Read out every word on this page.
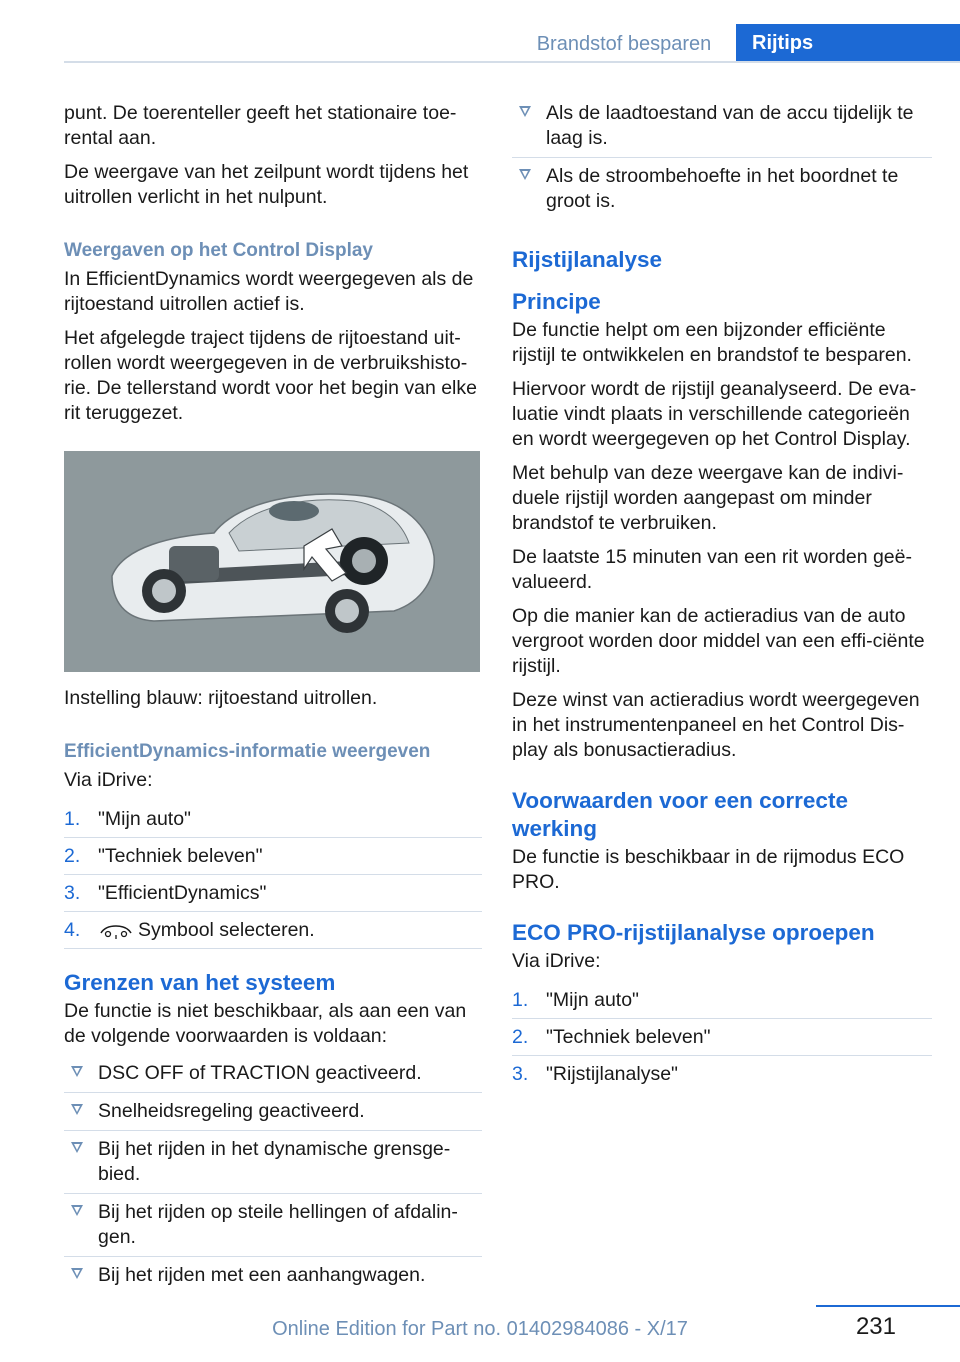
Brandstof besparen	Rijtips

punt. De toerenteller geeft het stationaire toe-rental aan.

De weergave van het zeilpunt wordt tijdens het uitrollen verlicht in het nulpunt.

Weergaven op het Control Display

In EfficientDynamics wordt weergegeven als de rijtoestand uitrollen actief is.

Het afgelegde traject tijdens de rijtoestand uit-rollen wordt weergegeven in de verbruikshisto-rie. De tellerstand wordt voor het begin van elke rit teruggezet.

Instelling blauw: rijtoestand uitrollen.

EfficientDynamics-informatie weergeven

Via iDrive:

1. "Mijn auto"
2. "Techniek beleven"
3. "EfficientDynamics"
4.	Symbool selecteren.
Grenzen van het systeem

De functie is niet beschikbaar, als aan een van de volgende voorwaarden is voldaan:

DSC OFF of TRACTION geactiveerd.
Snelheidsregeling geactiveerd.
Bij het rijden in het dynamische grensge-bied.
Bij het rijden op steile hellingen of afdalin-gen.
Bij het rijden met een aanhangwagen.
Als de laadtoestand van de accu tijdelijk te laag is.
Als de stroombehoefte in het boordnet te groot is.
Rijstijlanalyse
Principe

De functie helpt om een bijzonder efficiënte rijstijl te ontwikkelen en brandstof te besparen.

Hiervoor wordt de rijstijl geanalyseerd. De eva-luatie vindt plaats in verschillende categorieën en wordt weergegeven op het Control Display.

Met behulp van deze weergave kan de indivi-duele rijstijl worden aangepast om minder brandstof te verbruiken.

De laatste 15 minuten van een rit worden geë-valueerd.

Op die manier kan de actieradius van de auto vergroot worden door middel van een effi-ciënte rijstijl.

Deze winst van actieradius wordt weergegeven in het instrumentenpaneel en het Control Dis-play als bonusactieradius.

Voorwaarden voor een correcte werking

De functie is beschikbaar in de rijmodus ECO PRO.

ECO PRO-rijstijlanalyse oproepen

Via iDrive:

1. "Mijn auto"
2. "Techniek beleven"
3. "Rijstijlanalyse"
231
Online Edition for Part no. 01402984086 - X/17
